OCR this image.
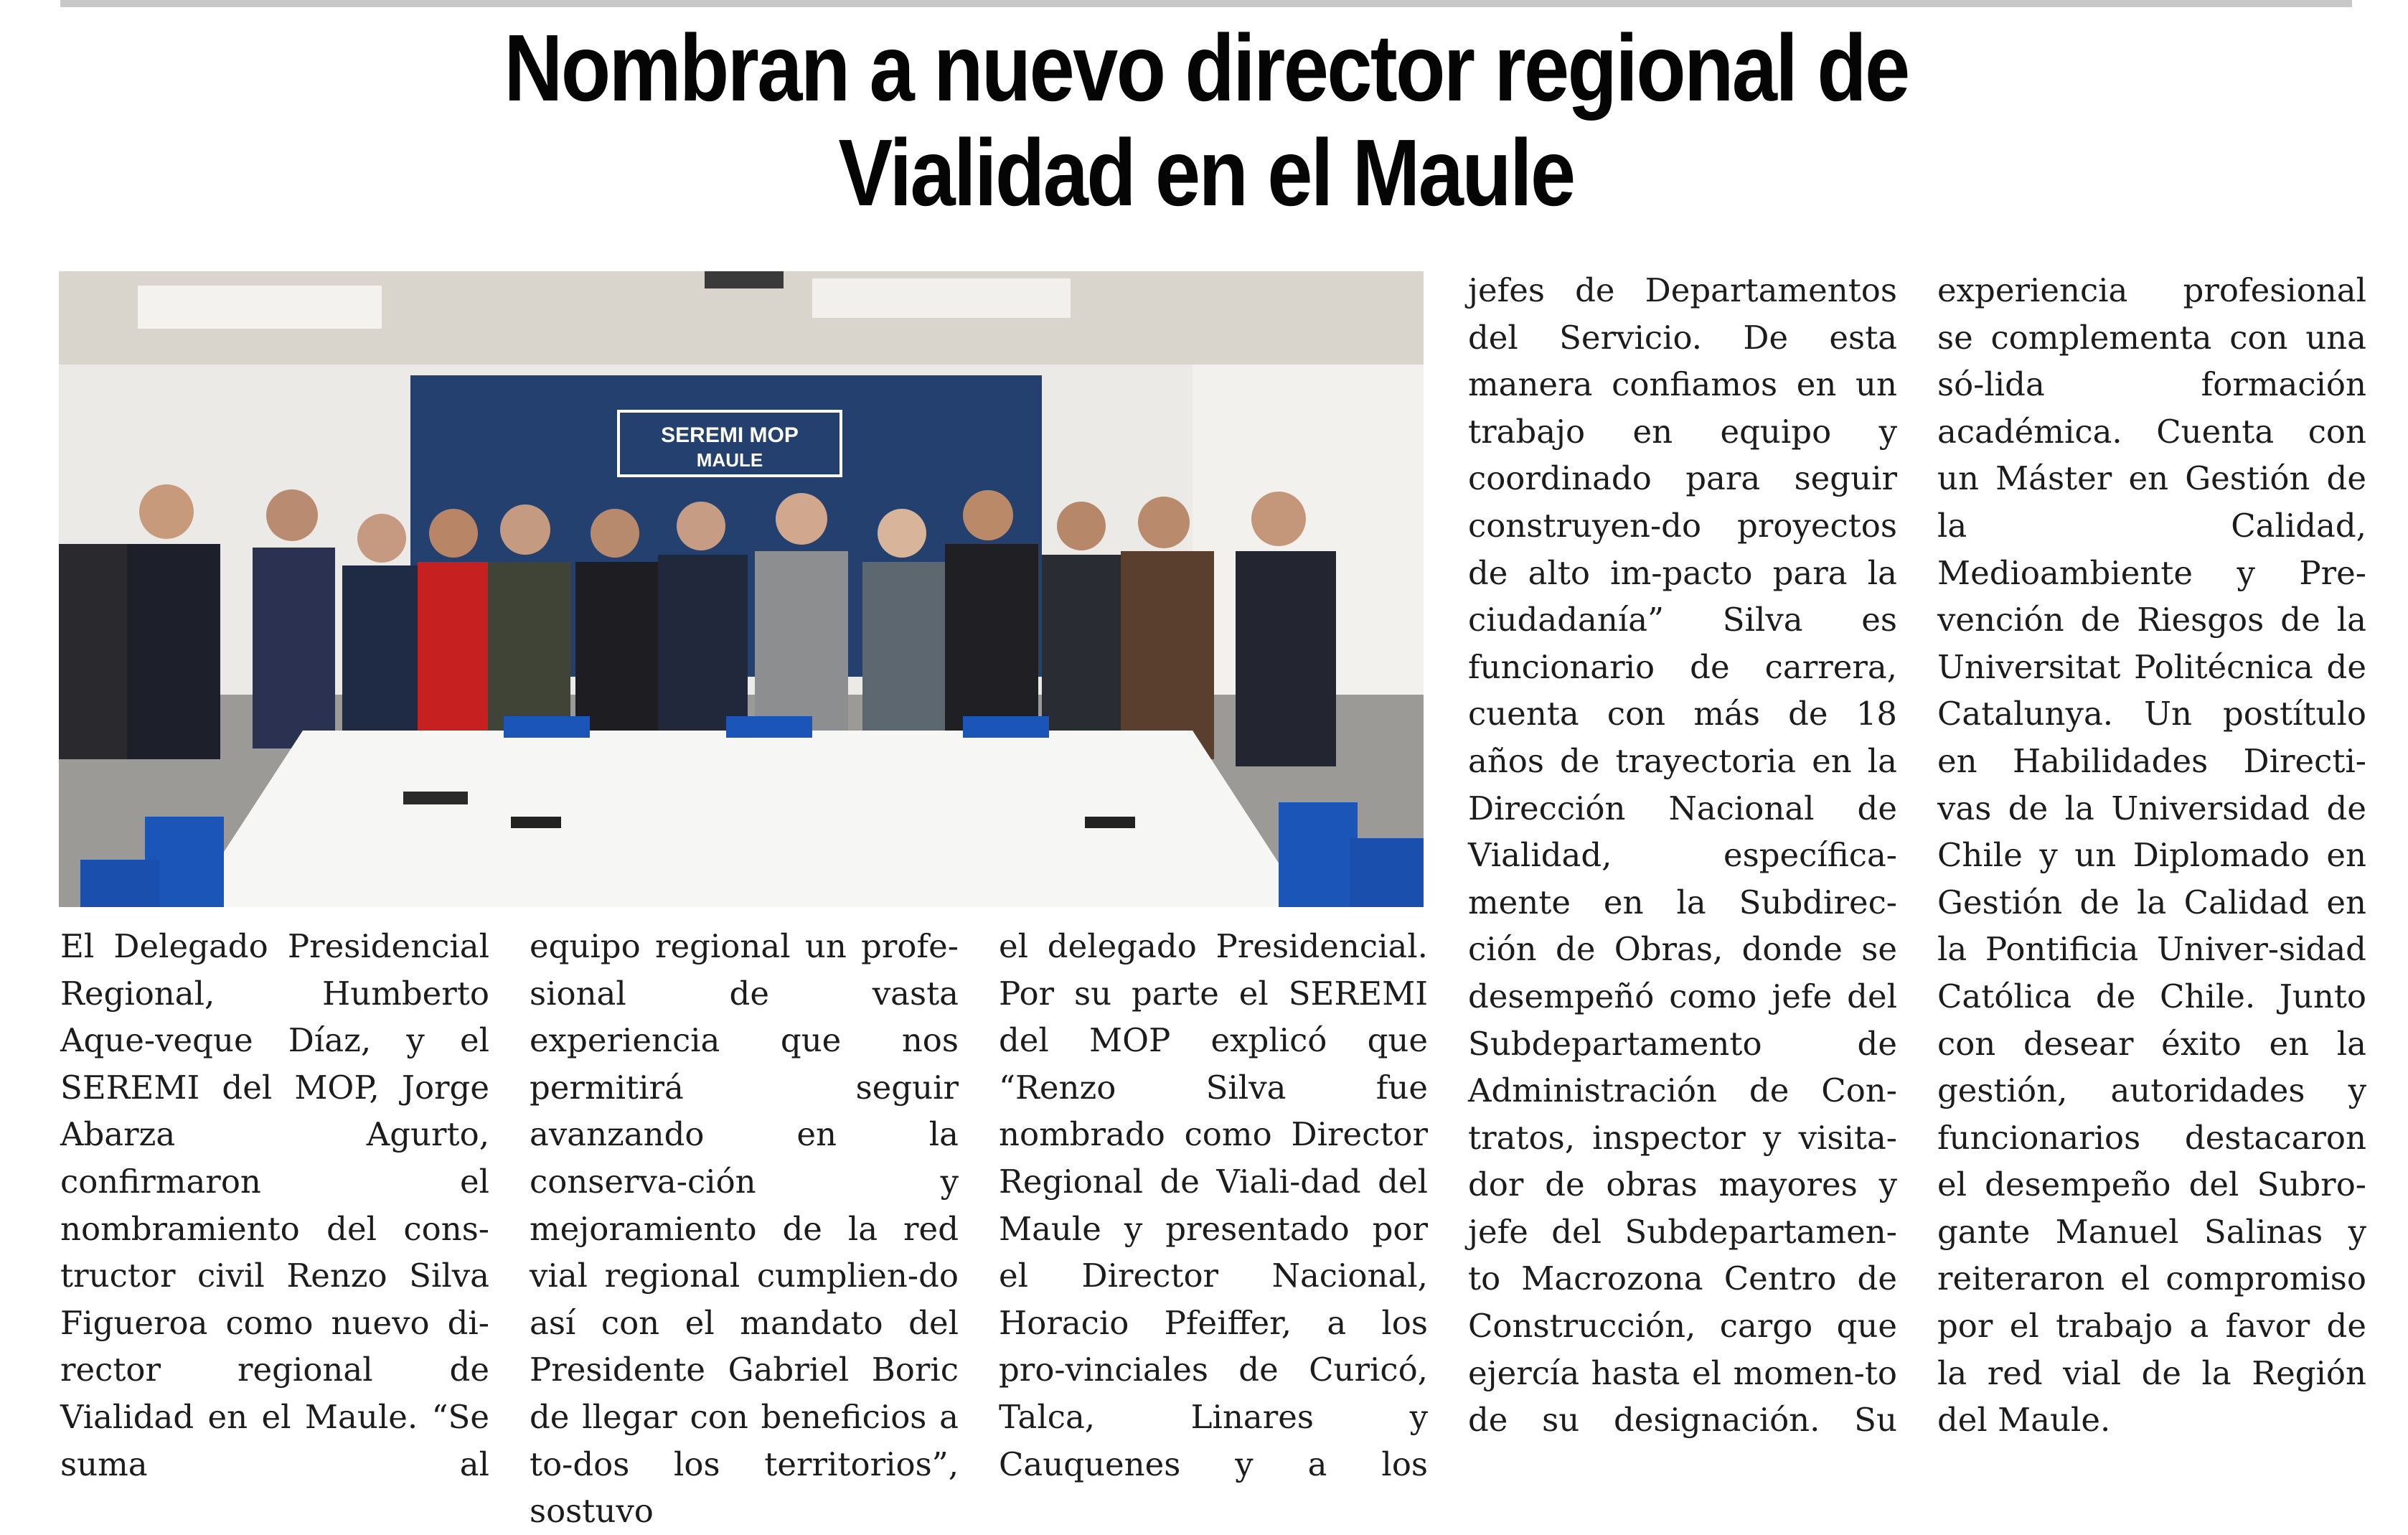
Nombran a nuevo director regional de
Vialidad en el Maule
SEREMI MOP
MAULE
El Delegado Presidencial Regional, Humberto Aque-veque Díaz, y el SEREMI del MOP, Jorge Abarza Agurto, confirmaron el nombramiento del cons-tructor civil Renzo Silva Figueroa como nuevo di-rector regional de Vialidad en el Maule. “Se suma al
equipo regional un profe-sional de vasta experiencia que nos permitirá seguir avanzando en la conserva-ción y mejoramiento de la red vial regional cumplien-do así con el mandato del Presidente Gabriel Boric de llegar con beneficios a to-dos los territorios”, sostuvo
el delegado Presidencial. Por su parte el SEREMI del MOP explicó que “Renzo Silva fue nombrado como Director Regional de Viali-dad del Maule y presentado por el Director Nacional, Horacio Pfeiffer, a los pro-vinciales de Curicó, Talca, Linares y Cauquenes y a los
jefes de Departamentos del Servicio. De esta manera confiamos en un trabajo en equipo y coordinado para seguir construyen-do proyectos de alto im-pacto para la ciudadanía” Silva es funcionario de carrera, cuenta con más de 18 años de trayectoria en la Dirección Nacional de Vialidad, específica-mente en la Subdirec-ción de Obras, donde se desempeñó como jefe del Subdepartamento de Administración de Con-tratos, inspector y visita-dor de obras mayores y jefe del Subdepartamen-to Macrozona Centro de Construcción, cargo que ejercía hasta el momen-to de su designación. Su
experiencia profesional se complementa con una só-lida formación académica. Cuenta con un Máster en Gestión de la Calidad, Medioambiente y Pre-vención de Riesgos de la Universitat Politécnica de Catalunya. Un postítulo en Habilidades Directi-vas de la Universidad de Chile y un Diplomado en Gestión de la Calidad en la Pontificia Univer-sidad Católica de Chile. Junto con desear éxito en la gestión, autoridades y funcionarios destacaron el desempeño del Subro-gante Manuel Salinas y reiteraron el compromiso por el trabajo a favor de la red vial de la Región del Maule.
